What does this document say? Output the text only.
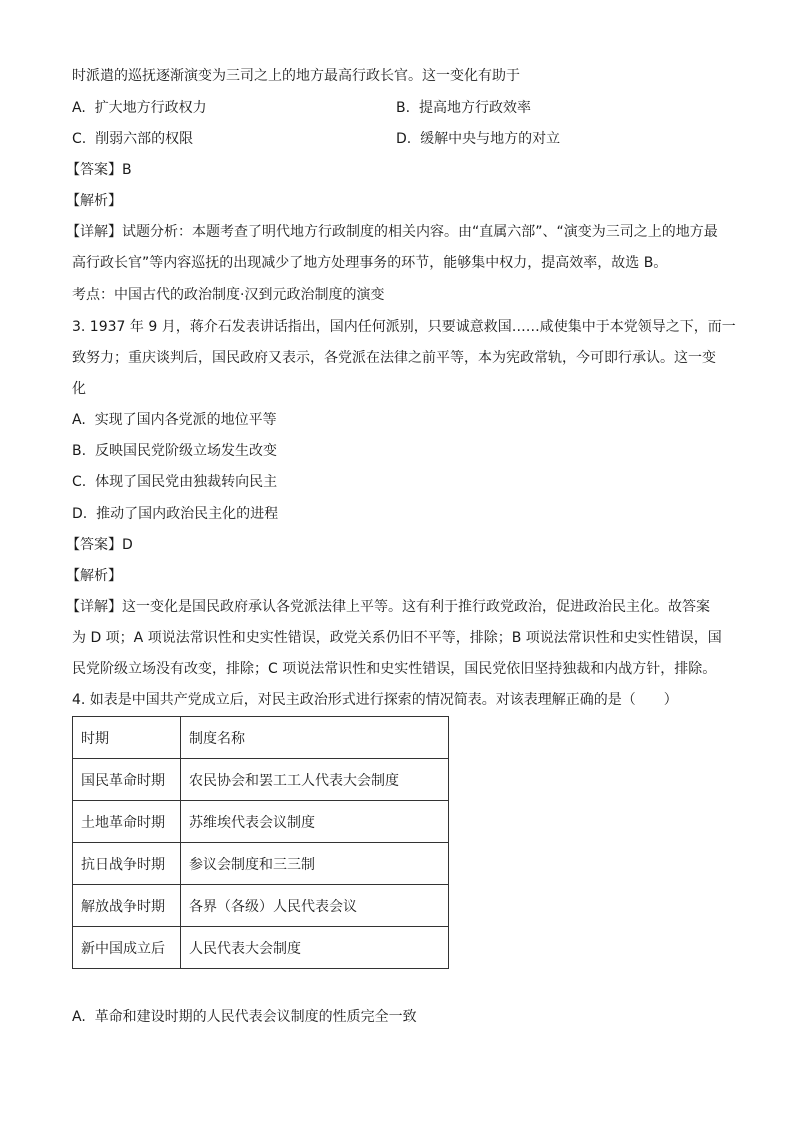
时派遣的巡抚逐渐演变为三司之上的地方最高行政长官。这一变化有助于
A. 扩大地方行政权力	B. 提高地方行政效率
C. 削弱六部的权限	D. 缓解中央与地方的对立
【答案】B
【解析】
【详解】试题分析：本题考查了明代地方行政制度的相关内容。由“直属六部”、“演变为三司之上的地方最
高行政长官”等内容巡抚的出现减少了地方处理事务的环节，能够集中权力，提高效率，故选 B。
考点：中国古代的政治制度·汉到元政治制度的演变
3. 1937 年 9 月，蒋介石发表讲话指出，国内任何派别，只要诚意救国……咸使集中于本党领导之下，而一
致努力；重庆谈判后，国民政府又表示，各党派在法律之前平等，本为宪政常轨，今可即行承认。这一变
化
A. 实现了国内各党派的地位平等
B. 反映国民党阶级立场发生改变
C. 体现了国民党由独裁转向民主
D. 推动了国内政治民主化的进程
【答案】D
【解析】
【详解】这一变化是国民政府承认各党派法律上平等。这有利于推行政党政治，促进政治民主化。故答案
为 D 项；A 项说法常识性和史实性错误，政党关系仍旧不平等，排除；B 项说法常识性和史实性错误，国
民党阶级立场没有改变，排除；C 项说法常识性和史实性错误，国民党依旧坚持独裁和内战方针，排除。
4. 如表是中国共产党成立后，对民主政治形式进行探索的情况简表。对该表理解正确的是（　　）
时期	制度名称
国民革命时期	农民协会和罢工工人代表大会制度
土地革命时期	苏维埃代表会议制度
抗日战争时期	参议会制度和三三制
解放战争时期	各界（各级）人民代表会议
新中国成立后	人民代表大会制度
A. 革命和建设时期的人民代表会议制度的性质完全一致
